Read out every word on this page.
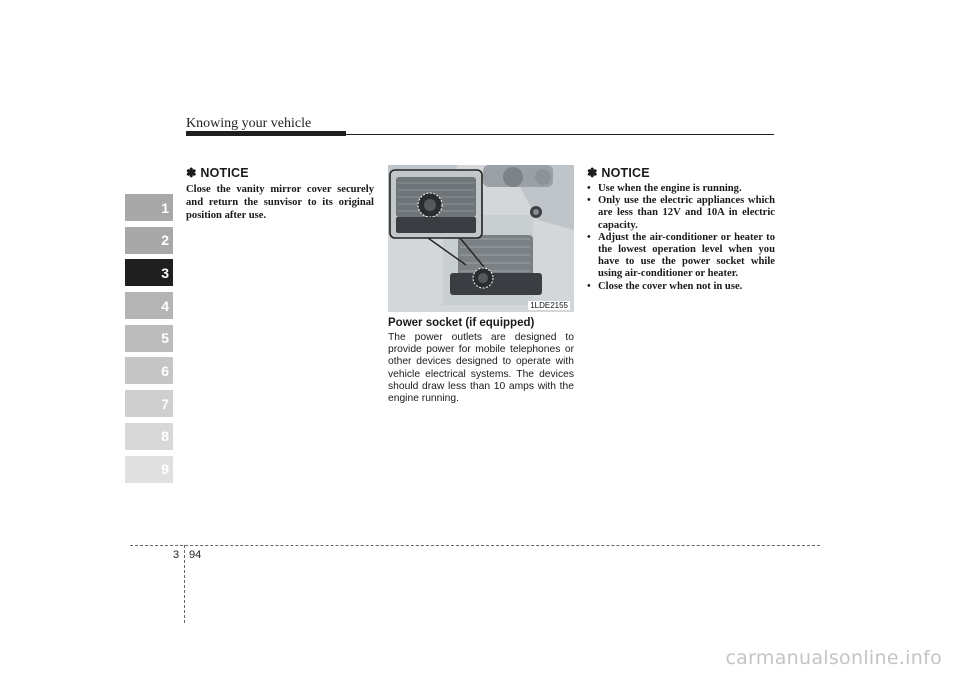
Knowing your vehicle
1
2
3
4
5
6
7
8
9
✽ NOTICE
Close the vanity mirror cover securely and return the sunvisor to its original position after use.
1LDE2155
Power socket (if equipped)
The power outlets are designed to provide power for mobile telephones or other devices designed to operate with vehicle electrical systems. The devices should draw less than 10 amps with the engine running.
✽ NOTICE
• Use when the engine is running.
• Only use the electric appliances which are less than 12V and 10A in electric capacity.
• Adjust the air-conditioner or heater to the lowest operation level when you have to use the power socket while using air-conditioner or heater.
• Close the cover when not in use.
3 94
carmanualsonline.info
